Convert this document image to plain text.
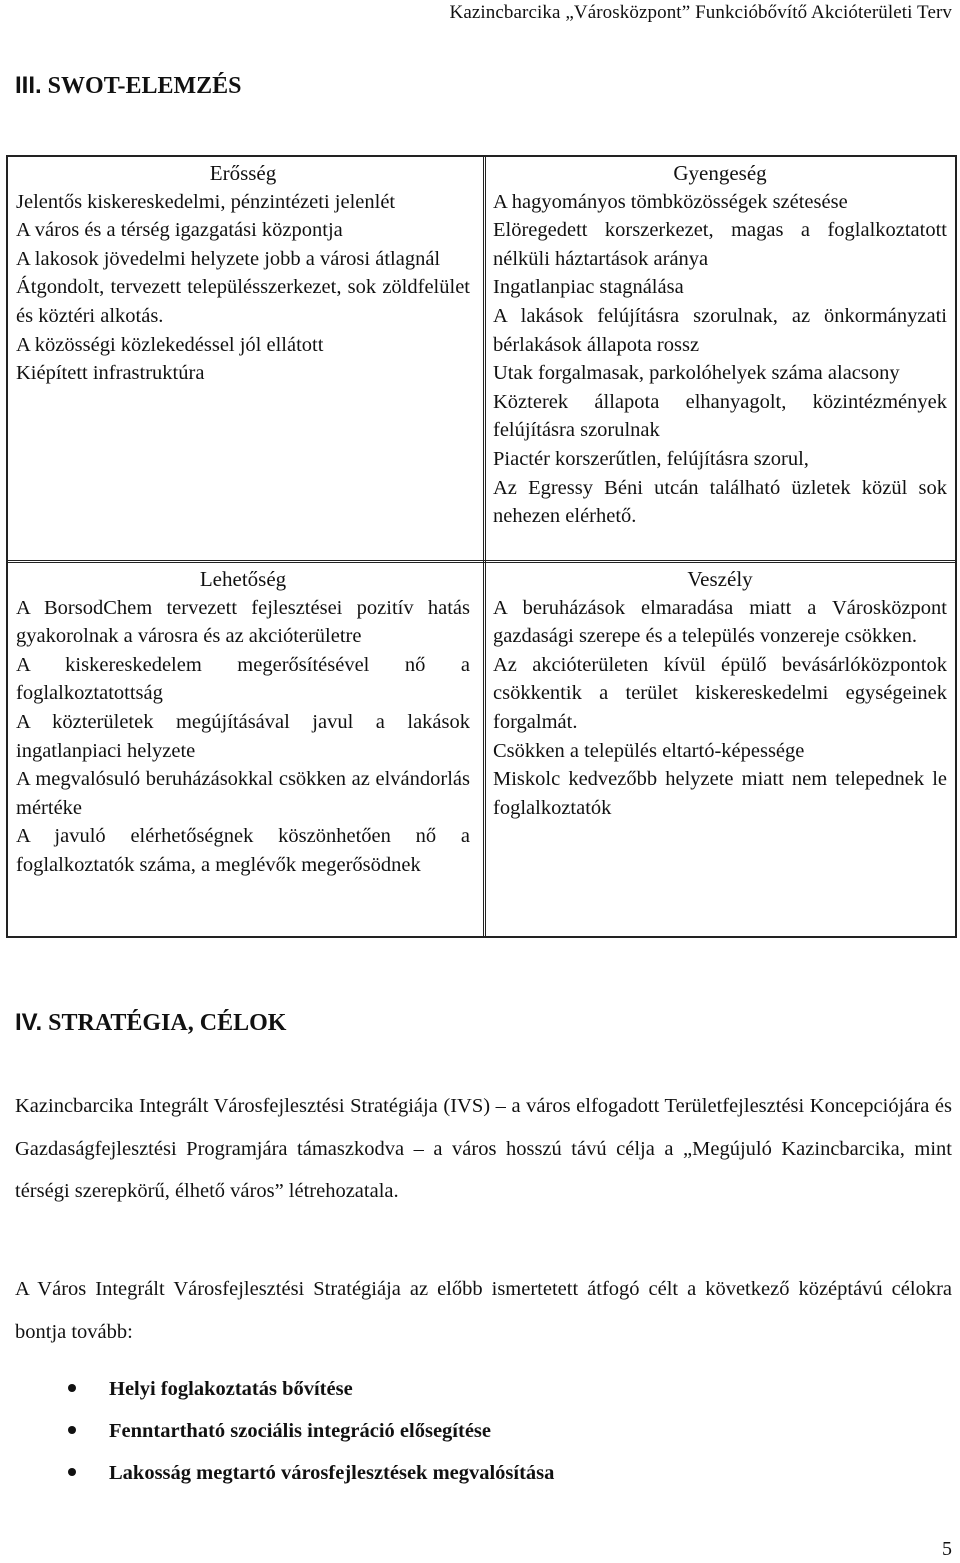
Kazincbarcika „Városközpont” Funkcióbővítő Akcióterületi Terv
III. SWOT-ELEMZÉS
Erősség
Jelentős kiskereskedelmi, pénzintézeti jelenlét
A város és a térség igazgatási központja
A lakosok jövedelmi helyzete jobb a városi átlagnál
Átgondolt, tervezett településszerkezet, sok zöldfelület és köztéri alkotás.
A közösségi közlekedéssel jól ellátott
Kiépített infrastruktúra
Gyengeség
A hagyományos tömbközösségek szétesése
Elöregedett korszerkezet, magas a foglalkoztatott nélküli háztartások aránya
Ingatlanpiac stagnálása
A lakások felújításra szorulnak, az önkormányzati bérlakások állapota rossz
Utak forgalmasak, parkolóhelyek száma alacsony
Közterek állapota elhanyagolt, közintézmények felújításra szorulnak
Piactér korszerűtlen, felújításra szorul,
Az Egressy Béni utcán található üzletek közül sok nehezen elérhető.
Lehetőség
A BorsodChem tervezett fejlesztései pozitív hatás gyakorolnak a városra és az akcióterületre
A kiskereskedelem megerősítésével nő a foglalkoztatottság
A közterületek megújításával javul a lakások ingatlanpiaci helyzete
A megvalósuló beruházásokkal csökken az elvándorlás mértéke
A javuló elérhetőségnek köszönhetően nő a foglalkoztatók száma, a meglévők megerősödnek
Veszély
A beruházások elmaradása miatt a Városközpont gazdasági szerepe és a település vonzereje csökken.
Az akcióterületen kívül épülő bevásárlóközpontok csökkentik a terület kiskereskedelmi egységeinek forgalmát.
Csökken a település eltartó-képessége
Miskolc kedvezőbb helyzete miatt nem telepednek le foglalkoztatók
IV. STRATÉGIA, CÉLOK

Kazincbarcika Integrált Városfejlesztési Stratégiája (IVS) – a város elfogadott Területfejlesztési Koncepciójára és Gazdaságfejlesztési Programjára támaszkodva – a város hosszú távú célja a „Megújuló Kazincbarcika, mint térségi szerepkörű, élhető város” létrehozatala.

A Város Integrált Városfejlesztési Stratégiája az előbb ismertetett átfogó célt a következő középtávú célokra bontja tovább:

Helyi foglakoztatás bővítése
Fenntartható szociális integráció elősegítése
Lakosság megtartó városfejlesztések megvalósítása
5
